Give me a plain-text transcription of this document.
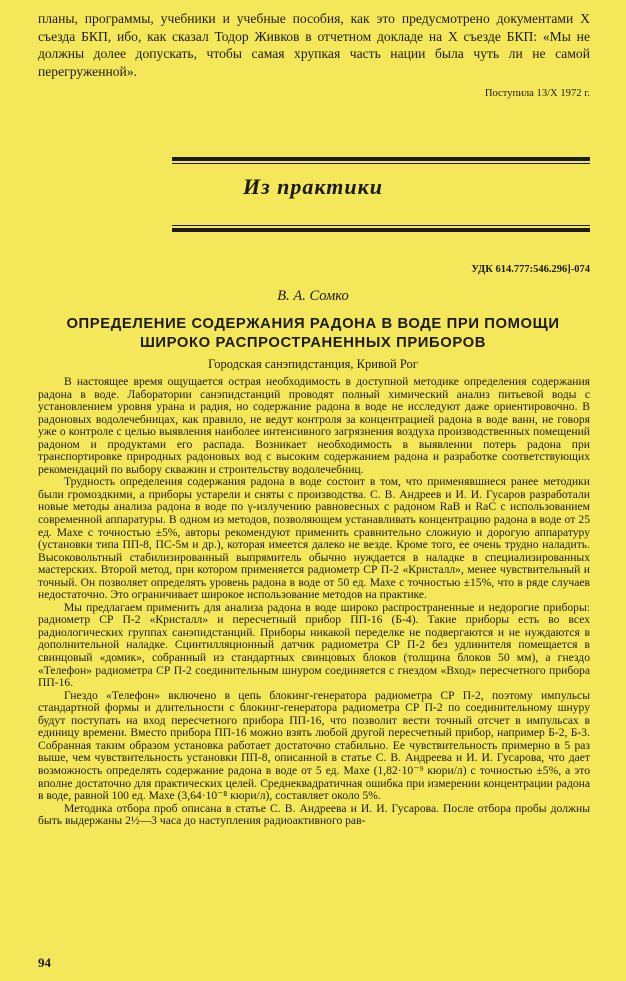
планы, программы, учебники и учебные пособия, как это предусмотрено документами X съезда БКП, ибо, как сказал Тодор Живков в отчетном докладе на X съезде БКП: «Мы не должны долее допускать, чтобы самая хрупкая часть нации была чуть ли не самой перегруженной».
Поступила 13/X 1972 г.
Из практики
УДК 614.777:546.296]-074
В. А. Сомко
ОПРЕДЕЛЕНИЕ СОДЕРЖАНИЯ РАДОНА В ВОДЕ ПРИ ПОМОЩИ ШИРОКО РАСПРОСТРАНЕННЫХ ПРИБОРОВ
Городская санэпидстанция, Кривой Рог

В настоящее время ощущается острая необходимость в доступной методике определения содержания радона в воде. Лаборатории санэпидстанций проводят полный химический анализ питьевой воды с установлением уровня урана и радия, но содержание радона в воде не исследуют даже ориентировочно. В радоновых водолечебницах, как правило, не ведут контроля за концентрацией радона в воде ванн, не говоря уже о контроле с целью выявления наиболее интенсивного загрязнения воздуха производственных помещений радоном и продуктами его распада. Возникает необходимость в выявлении потерь радона при транспортировке природных радоновых вод с высоким содержанием радона и разработке соответствующих рекомендаций по выбору скважин и строительству водолечебниц.

Трудность определения содержания радона в воде состоит в том, что применявшиеся ранее методики были громоздкими, а приборы устарели и сняты с производства. С. В. Андреев и И. И. Гусаров разработали новые методы анализа радона в воде по γ-излучению равновесных с радоном RaB и RaC с использованием современной аппаратуры. В одном из методов, позволяющем устанавливать концентрацию радона в воде от 25 ед. Махе с точностью ±5%, авторы рекомендуют применить сравнительно сложную и дорогую аппаратуру (установки типа ПП-8, ПС-5м и др.), которая имеется далеко не везде. Кроме того, ее очень трудно наладить. Высоковольтный стабилизированный выпрямитель обычно нуждается в наладке в специализированных мастерских. Второй метод, при котором применяется радиометр СР П-2 «Кристалл», менее чувствительный и точный. Он позволяет определять уровень радона в воде от 50 ед. Махе с точностью ±15%, что в ряде случаев недостаточно. Это ограничивает широкое использование методов на практике.

Мы предлагаем применить для анализа радона в воде широко распространенные и недорогие приборы: радиометр СР П-2 «Кристалл» и пересчетный прибор ПП-16 (Б-4). Такие приборы есть во всех радиологических группах санэпидстанций. Приборы никакой переделке не подвергаются и не нуждаются в дополнительной наладке. Сцинтилляционный датчик радиометра СР П-2 без удлинителя помещается в свинцовый «домик», собранный из стандартных свинцовых блоков (толщина блоков 50 мм), а гнездо «Телефон» радиометра СР П-2 соединительным шнуром соединяется с гнездом «Вход» пересчетного прибора ПП-16.

Гнездо «Телефон» включено в цепь блокинг-генератора радиометра СР П-2, поэтому импульсы стандартной формы и длительности с блокинг-генератора радиометра СР П-2 по соединительному шнуру будут поступать на вход пересчетного прибора ПП-16, что позволит вести точный отсчет в импульсах в единицу времени. Вместо прибора ПП-16 можно взять любой другой пересчетный прибор, например Б-2, Б-3. Собранная таким образом установка работает достаточно стабильно. Ее чувствительность примерно в 5 раз выше, чем чувствительность установки ПП-8, описанной в статье С. В. Андреева и И. И. Гусарова, что дает возможность определять содержание радона в воде от 5 ед. Махе (1,82·10⁻⁹ кюри/л) с точностью ±5%, а это вполне достаточно для практических целей. Среднеквадратичная ошибка при измерении концентрации радона в воде, равной 100 ед. Махе (3,64·10⁻⁸ кюри/л), составляет около 5%.

Методика отбора проб описана в статье С. В. Андреева и И. И. Гусарова. После отбора пробы должны быть выдержаны 2½—3 часа до наступления радиоактивного рав-

94
